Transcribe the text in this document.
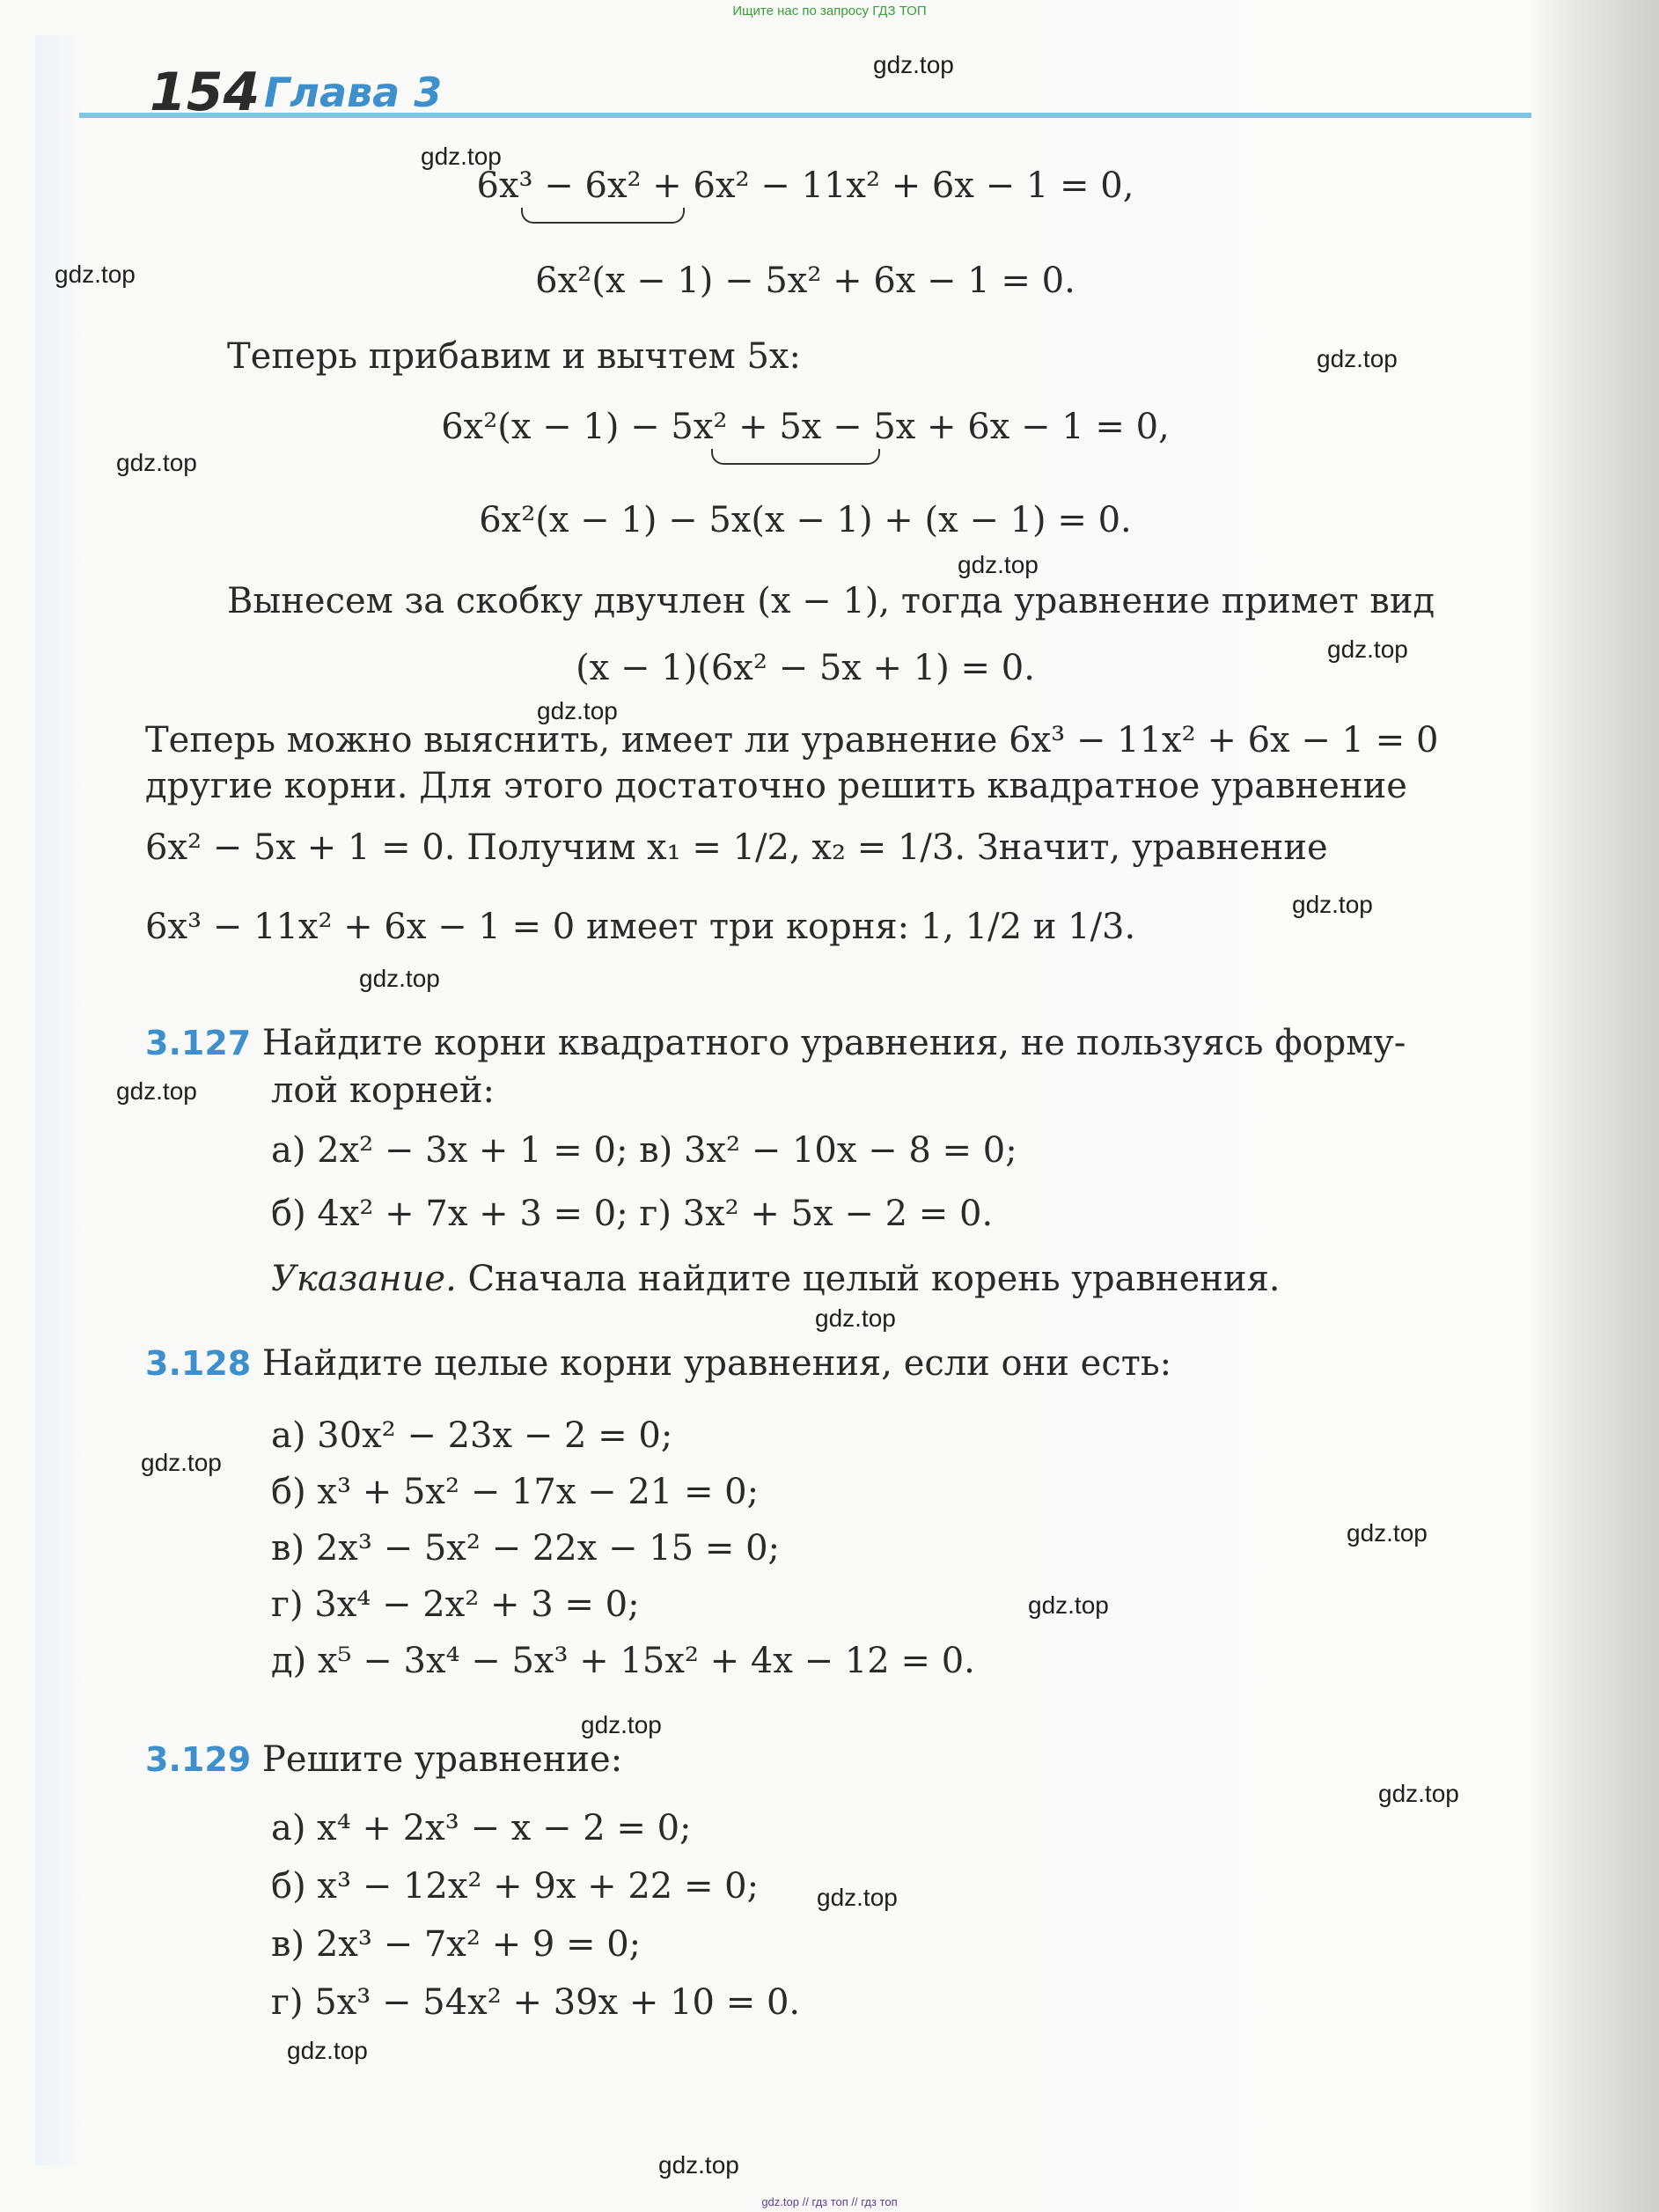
Ищите нас по запросу ГДЗ ТОП
154 Глава 3
6x³ − 6x² + 6x² − 11x² + 6x − 1 = 0,
6x²(x − 1) − 5x² + 6x − 1 = 0.
Теперь прибавим и вычтем 5x:
6x²(x − 1) − 5x² + 5x − 5x + 6x − 1 = 0,
6x²(x − 1) − 5x(x − 1) + (x − 1) = 0.
Вынесем за скобку двучлен (x − 1), тогда уравнение примет вид
(x − 1)(6x² − 5x + 1) = 0.
Теперь можно выяснить, имеет ли уравнение 6x³ − 11x² + 6x − 1 = 0
другие корни. Для этого достаточно решить квадратное уравнение
6x² − 5x + 1 = 0. Получим x₁ = 1/2, x₂ = 1/3. Значит, уравнение
6x³ − 11x² + 6x − 1 = 0 имеет три корня: 1, 1/2 и 1/3.
3.127 Найдите корни квадратного уравнения, не пользуясь форму-
лой корней:
а) 2x² − 3x + 1 = 0; в) 3x² − 10x − 8 = 0;
б) 4x² + 7x + 3 = 0; г) 3x² + 5x − 2 = 0.
Указание. Сначала найдите целый корень уравнения.
3.128 Найдите целые корни уравнения, если они есть:
а) 30x² − 23x − 2 = 0;
б) x³ + 5x² − 17x − 21 = 0;
в) 2x³ − 5x² − 22x − 15 = 0;
г) 3x⁴ − 2x² + 3 = 0;
д) x⁵ − 3x⁴ − 5x³ + 15x² + 4x − 12 = 0.
3.129 Решите уравнение:
а) x⁴ + 2x³ − x − 2 = 0;
б) x³ − 12x² + 9x + 22 = 0;
в) 2x³ − 7x² + 9 = 0;
г) 5x³ − 54x² + 39x + 10 = 0.
gdz.top
gdz.top
gdz.top
gdz.top
gdz.top
gdz.top
gdz.top
gdz.top
gdz.top
gdz.top
gdz.top
gdz.top
gdz.top
gdz.top
gdz.top
gdz.top
gdz.top
gdz.top
gdz.top
gdz.top
gdz.top // гдз топ // гдз топ
